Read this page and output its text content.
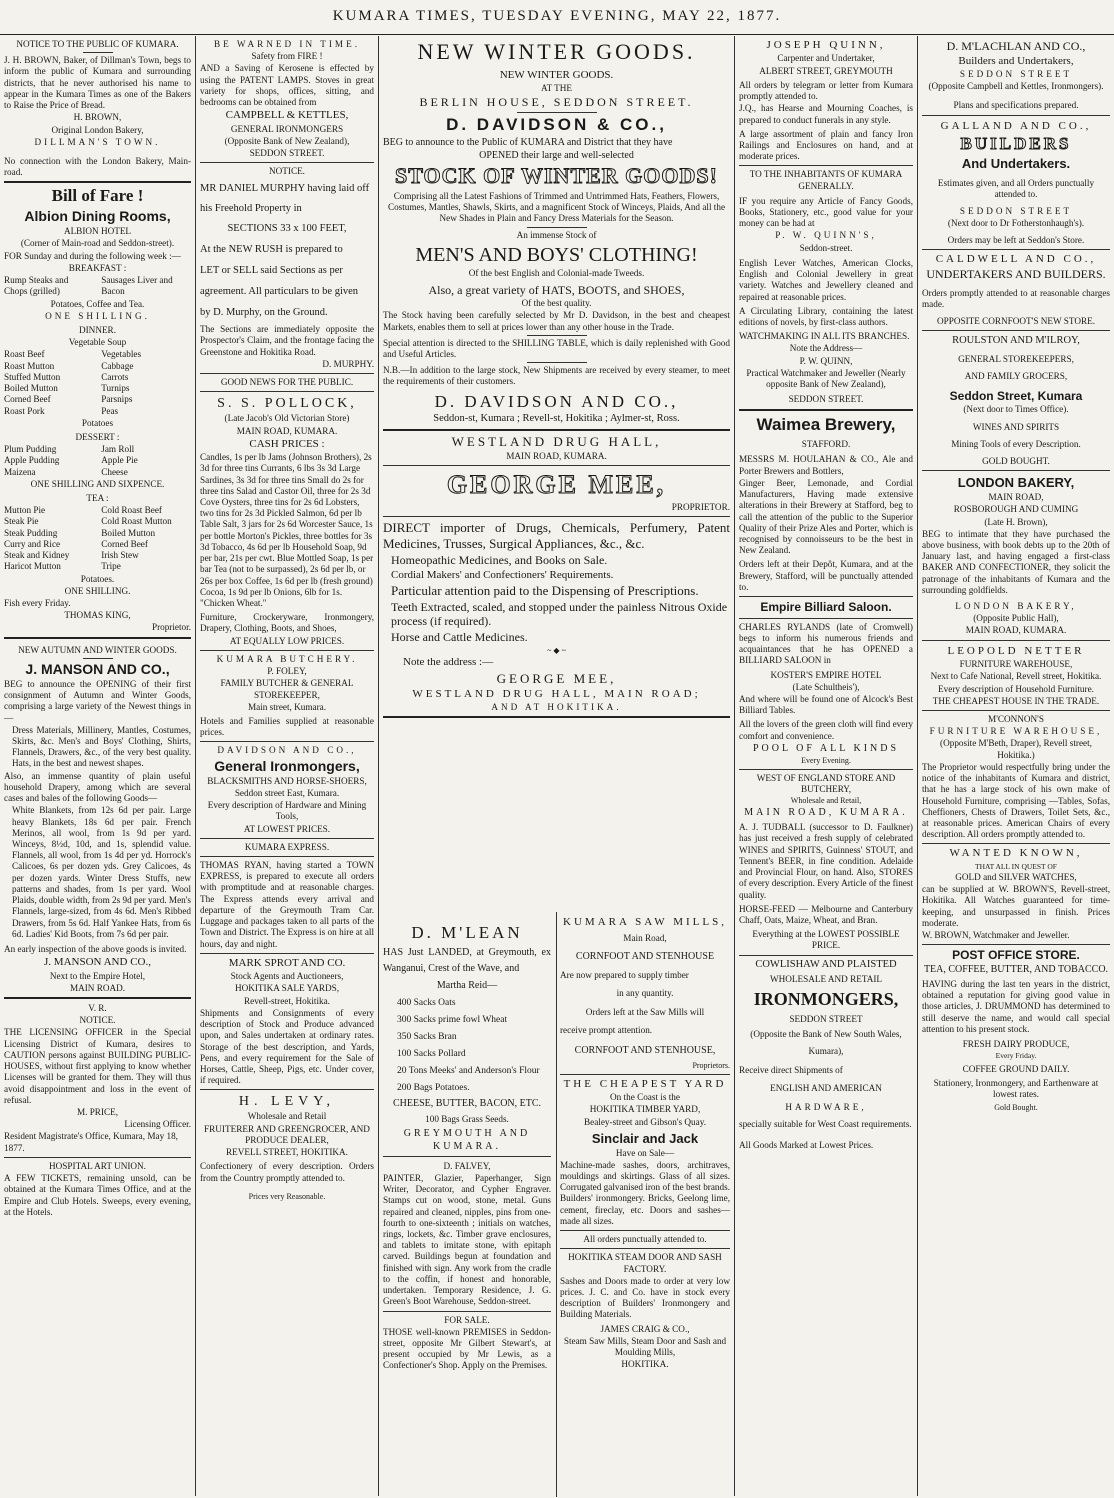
KUMARA TIMES, TUESDAY EVENING, MAY 22, 1877.

NOTICE TO THE PUBLIC OF KUMARA.

J. H. BROWN, Baker, of Dillman's Town, begs to inform the public of Kumara and surrounding districts, that he never authorised his name to appear in the Kumara Times as one of the Bakers to Raise the Price of Bread.

H. BROWN,

Original London Bakery,

DILLMAN'S TOWN.

No connection with the London Bakery, Main-road.

Bill of Fare !

Albion Dining Rooms,

ALBION HOTEL

(Corner of Main-road and Seddon-street).

FOR Sunday and during the following week :—

BREAKFAST :

Rump Steaks and Chops (grilled)
Sausages Liver and Bacon

Potatoes, Coffee and Tea.

ONE SHILLING.

DINNER.

Vegetable Soup

Roast Beef
Roast Mutton
Stuffed Mutton
Boiled Mutton
Corned Beef
Roast Pork
Vegetables
Cabbage
Carrots
Turnips
Parsnips
Peas

Potatoes

DESSERT :

Plum Pudding
Apple Pudding
Maizena
Jam Roll
Apple Pie
Cheese

ONE SHILLING AND SIXPENCE.

TEA :

Mutton Pie
Steak Pie
Steak Pudding
Curry and Rice
Steak and Kidney
Haricot Mutton
Cold Roast Beef
Cold Roast Mutton
Boiled Mutton
Corned Beef
Irish Stew
Tripe

Potatoes.

ONE SHILLING.

Fish every Friday.

THOMAS KING,

Proprietor.

NEW AUTUMN AND WINTER GOODS.

J. MANSON AND CO.,

BEG to announce the OPENING of their first consignment of Autumn and Winter Goods, comprising a large variety of the Newest things in—

Dress Materials, Millinery, Mantles, Costumes, Skirts, &c. Men's and Boys' Clothing, Shirts, Flannels, Drawers, &c., of the very best quality. Hats, in the best and newest shapes.

Also, an immense quantity of plain useful household Drapery, among which are several cases and bales of the following Goods—

White Blankets, from 12s 6d per pair. Large heavy Blankets, 18s 6d per pair. French Merinos, all wool, from 1s 9d per yard. Winceys, 8½d, 10d, and 1s, splendid value. Flannels, all wool, from 1s 4d per yd. Horrock's Calicoes, 6s per dozen yds. Grey Calicoes, 4s per dozen yards. Winter Dress Stuffs, new patterns and shades, from 1s per yard. Wool Plaids, double width, from 2s 9d per yard. Men's Flannels, large-sized, from 4s 6d. Men's Ribbed Drawers, from 5s 6d. Half Yankee Hats, from 6s 6d. Ladies' Kid Boots, from 7s 6d per pair.

An early inspection of the above goods is invited.

J. MANSON AND CO.,

Next to the Empire Hotel,

MAIN ROAD.

V. R.

NOTICE.

THE LICENSING OFFICER in the Special Licensing District of Kumara, desires to CAUTION persons against BUILDING PUBLIC-HOUSES, without first applying to know whether Licenses will be granted for them. They will thus avoid disappointment and loss in the event of refusal.

M. PRICE,

Licensing Officer.

Resident Magistrate's Office, Kumara, May 18, 1877.

HOSPITAL ART UNION.

A FEW TICKETS, remaining unsold, can be obtained at the Kumara Times Office, and at the Empire and Club Hotels. Sweeps, every evening, at the Hotels.

BE WARNED IN TIME.

Safety from FIRE !

AND a Saving of Kerosene is effected by using the PATENT LAMPS. Stoves in great variety for shops, offices, sitting, and bedrooms can be obtained from

CAMPBELL & KETTLES,

GENERAL IRONMONGERS

(Opposite Bank of New Zealand),

SEDDON STREET.

NOTICE.

MR DANIEL MURPHY having laid off his Freehold Property in

SECTIONS 33 x 100 FEET,

At the NEW RUSH is prepared to

LET or SELL said Sections as per

agreement. All particulars to be given

by D. Murphy, on the Ground.

The Sections are immediately opposite the Prospector's Claim, and the frontage facing the Greenstone and Hokitika Road.

D. MURPHY.

GOOD NEWS FOR THE PUBLIC.

S. S. POLLOCK,

(Late Jacob's Old Victorian Store)

MAIN ROAD, KUMARA.

CASH PRICES :

Candles, 1s per lb Jams (Johnson Brothers), 2s 3d for three tins Currants, 6 lbs 3s 3d Large Sardines, 3s 3d for three tins Small do 2s for three tins Salad and Castor Oil, three for 2s 3d Cove Oysters, three tins for 2s 6d Lobsters, two tins for 2s 3d Pickled Salmon, 6d per lb Table Salt, 3 jars for 2s 6d Worcester Sauce, 1s per bottle Morton's Pickles, three bottles for 3s 3d Tobacco, 4s 6d per lb Household Soap, 9d per bar, 21s per cwt. Blue Mottled Soap, 1s per bar Tea (not to be surpassed), 2s 6d per lb, or 26s per box Coffee, 1s 6d per lb (fresh ground) Cocoa, 1s 9d per lb Onions, 6lb for 1s. "Chicken Wheat."

Furniture, Crockeryware, Ironmongery, Drapery, Clothing, Boots, and Shoes,

AT EQUALLY LOW PRICES.

KUMARA BUTCHERY.

P. FOLEY,

FAMILY BUTCHER & GENERAL STOREKEEPER,

Main street, Kumara.

Hotels and Families supplied at reasonable prices.

DAVIDSON AND CO.,

General Ironmongers,

BLACKSMITHS AND HORSE-SHOERS,

Seddon street East, Kumara.

Every description of Hardware and Mining Tools,

AT LOWEST PRICES.

KUMARA EXPRESS.

THOMAS RYAN, having started a TOWN EXPRESS, is prepared to execute all orders with promptitude and at reasonable charges. The Express attends every arrival and departure of the Greymouth Tram Car. Luggage and packages taken to all parts of the Town and District. The Express is on hire at all hours, day and night.

MARK SPROT AND CO.

Stock Agents and Auctioneers,

HOKITIKA SALE YARDS,

Revell-street, Hokitika.

Shipments and Consignments of every description of Stock and Produce advanced upon, and Sales undertaken at ordinary rates. Storage of the best description, and Yards, Pens, and every requirement for the Sale of Horses, Cattle, Sheep, Pigs, etc. Under cover, if required.

H. LEVY,

Wholesale and Retail

FRUITERER AND GREENGROCER, AND PRODUCE DEALER,

REVELL STREET, HOKITIKA.

Confectionery of every description. Orders from the Country promptly attended to.

Prices very Reasonable.

NEW WINTER GOODS.

NEW WINTER GOODS.

AT THE

BERLIN HOUSE, SEDDON STREET.

D. DAVIDSON & CO.,

BEG to announce to the Public of KUMARA and District that they have

OPENED their large and well-selected

STOCK OF WINTER GOODS!

Comprising all the Latest Fashions of Trimmed and Untrimmed Hats, Feathers, Flowers, Costumes, Mantles, Shawls, Skirts, and a magnificent Stock of Winceys, Plaids, And all the New Shades in Plain and Fancy Dress Materials for the Season.

An immense Stock of

MEN'S AND BOYS' CLOTHING!

Of the best English and Colonial-made Tweeds.

Also, a great variety of HATS, BOOTS, and SHOES,

Of the best quality.

The Stock having been carefully selected by Mr D. Davidson, in the best and cheapest Markets, enables them to sell at prices lower than any other house in the Trade.

Special attention is directed to the SHILLING TABLE, which is daily replenished with Good and Useful Articles.

N.B.—In addition to the large stock, New Shipments are received by every steamer, to meet the requirements of their customers.

D. DAVIDSON AND CO.,

Seddon-st, Kumara ; Revell-st, Hokitika ; Aylmer-st, Ross.

WESTLAND DRUG HALL,

MAIN ROAD, KUMARA.

GEORGE MEE,

PROPRIETOR.

DIRECT importer of Drugs, Chemicals, Perfumery, Patent Medicines, Trusses, Surgical Appliances, &c., &c.

Homeopathic Medicines, and Books on Sale.

Cordial Makers' and Confectioners' Requirements.

Particular attention paid to the Dispensing of Prescriptions.

Teeth Extracted, scaled, and stopped under the painless Nitrous Oxide process (if required).

Horse and Cattle Medicines.

~ ◆ ~

Note the address :—

GEORGE MEE,

WESTLAND DRUG HALL, MAIN ROAD;

AND AT HOKITIKA.

D. M'LEAN

HAS Just LANDED, at Greymouth, ex Wanganui, Crest of the Wave, and

Martha Reid—

400 Sacks Oats

300 Sacks prime fowl Wheat

350 Sacks Bran

100 Sacks Pollard

20 Tons Meeks' and Anderson's Flour

200 Bags Potatoes.

CHEESE, BUTTER, BACON, ETC.

100 Bags Grass Seeds.

GREYMOUTH AND KUMARA.

D. FALVEY,

PAINTER, Glazier, Paperhanger, Sign Writer, Decorator, and Cypher Engraver. Stamps cut on wood, stone, metal. Guns repaired and cleaned, nipples, pins from one-fourth to one-sixteenth ; initials on watches, rings, lockets, &c. Timber grave enclosures, and tablets to imitate stone, with epitaph carved. Buildings begun at foundation and finished with sign. Any work from the cradle to the coffin, if honest and honorable, undertaken. Temporary Residence, J. G. Green's Boot Warehouse, Seddon-street.

FOR SALE.

THOSE well-known PREMISES in Seddon-street, opposite Mr Gilbert Stewart's, at present occupied by Mr Lewis, as a Confectioner's Shop. Apply on the Premises.

KUMARA SAW MILLS,

Main Road,

CORNFOOT AND STENHOUSE

Are now prepared to supply timber

in any quantity.

Orders left at the Saw Mills will

receive prompt attention.

CORNFOOT AND STENHOUSE,

Proprietors.

THE CHEAPEST YARD

On the Coast is the

HOKITIKA TIMBER YARD,

Bealey-street and Gibson's Quay.

Sinclair and Jack

Have on Sale—

Machine-made sashes, doors, architraves, mouldings and skirtings. Glass of all sizes. Corrugated galvanised iron of the best brands. Builders' ironmongery. Bricks, Geelong lime, cement, fireclay, etc. Doors and sashes—made all sizes.

All orders punctually attended to.

HOKITIKA STEAM DOOR AND SASH FACTORY.

Sashes and Doors made to order at very low prices. J. C. and Co. have in stock every description of Builders' Ironmongery and Building Materials.

JAMES CRAIG & CO.,

Steam Saw Mills, Steam Door and Sash and Moulding Mills,

HOKITIKA.

JOSEPH QUINN,

Carpenter and Undertaker,

ALBERT STREET, GREYMOUTH

All orders by telegram or letter from Kumara promptly attended to.

J.Q., has Hearse and Mourning Coaches, is prepared to conduct funerals in any style.

A large assortment of plain and fancy Iron Railings and Enclosures on hand, and at moderate prices.

TO THE INHABITANTS OF KUMARA GENERALLY.

IF you require any Article of Fancy Goods, Books, Stationery, etc., good value for your money can be had at

P. W. QUINN'S,

Seddon-street.

English Lever Watches, American Clocks, English and Colonial Jewellery in great variety. Watches and Jewellery cleaned and repaired at reasonable prices.

A Circulating Library, containing the latest editions of novels, by first-class authors.

WATCHMAKING IN ALL ITS BRANCHES.

Note the Address—

P. W. QUINN,

Practical Watchmaker and Jeweller (Nearly opposite Bank of New Zealand),

SEDDON STREET.

Waimea Brewery,

STAFFORD.

MESSRS M. HOULAHAN & CO., Ale and Porter Brewers and Bottlers,

Ginger Beer, Lemonade, and Cordial Manufacturers, Having made extensive alterations in their Brewery at Stafford, beg to call the attention of the public to the Superior Quality of their Prize Ales and Porter, which is recognised by connoisseurs to be the best in New Zealand.

Orders left at their Depôt, Kumara, and at the Brewery, Stafford, will be punctually attended to.

Empire Billiard Saloon.

CHARLES RYLANDS (late of Cromwell) begs to inform his numerous friends and acquaintances that he has OPENED a BILLIARD SALOON in

KOSTER'S EMPIRE HOTEL

(Late Schultheis'),

And where will be found one of Alcock's Best Billiard Tables.

All the lovers of the green cloth will find every comfort and convenience.

POOL OF ALL KINDS

Every Evening.

WEST OF ENGLAND STORE AND BUTCHERY,

Wholesale and Retail,

MAIN ROAD, KUMARA.

A. J. TUDBALL (successor to D. Faulkner) has just received a fresh supply of celebrated WINES and SPIRITS, Guinness' STOUT, and Tennent's BEER, in fine condition. Adelaide and Provincial Flour, on hand. Also, STORES of every description. Every Article of the finest quality.

HORSE-FEED — Melbourne and Canterbury Chaff, Oats, Maize, Wheat, and Bran.

Everything at the LOWEST POSSIBLE PRICE.

COWLISHAW AND PLAISTED

WHOLESALE AND RETAIL

IRONMONGERS,

SEDDON STREET

(Opposite the Bank of New South Wales, Kumara),

Receive direct Shipments of

ENGLISH AND AMERICAN

HARDWARE,

specially suitable for West Coast requirements.

All Goods Marked at Lowest Prices.

D. M'LACHLAN AND CO.,

Builders and Undertakers,

SEDDON STREET

(Opposite Campbell and Kettles, Ironmongers).

Plans and specifications prepared.

GALLAND AND CO.,

BUILDERS

And Undertakers.

Estimates given, and all Orders punctually attended to.

SEDDON STREET

(Next door to Dr Fotherstonhaugh's).

Orders may be left at Seddon's Store.

CALDWELL AND CO.,

UNDERTAKERS AND BUILDERS.

Orders promptly attended to at reasonable charges made.

OPPOSITE CORNFOOT'S NEW STORE.

ROULSTON AND M'ILROY,

GENERAL STOREKEEPERS,

AND FAMILY GROCERS,

Seddon Street, Kumara

(Next door to Times Office).

WINES AND SPIRITS

Mining Tools of every Description.

GOLD BOUGHT.

LONDON BAKERY,

MAIN ROAD,

ROSBOROUGH AND CUMING

(Late H. Brown),

BEG to intimate that they have purchased the above business, with book debts up to the 20th of January last, and having engaged a first-class BAKER AND CONFECTIONER, they solicit the patronage of the inhabitants of Kumara and the surrounding goldfields.

LONDON BAKERY,

(Opposite Public Hall),

MAIN ROAD, KUMARA.

LEOPOLD NETTER

FURNITURE WAREHOUSE,

Next to Cafe National, Revell street, Hokitika.

Every description of Household Furniture.

THE CHEAPEST HOUSE IN THE TRADE.

M'CONNON'S

FURNITURE WAREHOUSE,

(Opposite M'Beth, Draper), Revell street, Hokitika.)

The Proprietor would respectfully bring under the notice of the inhabitants of Kumara and district, that he has a large stock of his own make of Household Furniture, comprising —Tables, Sofas, Cheffioners, Chests of Drawers, Toilet Sets, &c., at reasonable prices. American Chairs of every description. All orders promptly attended to.

WANTED KNOWN,

THAT ALL IN QUEST OF

GOLD and SILVER WATCHES,

can be supplied at W. BROWN'S, Revell-street, Hokitika. All Watches guaranteed for time-keeping, and unsurpassed in finish. Prices moderate.

W. BROWN, Watchmaker and Jeweller.

POST OFFICE STORE.

TEA, COFFEE, BUTTER, AND TOBACCO.

HAVING during the last ten years in the district, obtained a reputation for giving good value in those articles, J. DRUMMOND has determined to still deserve the name, and would call special attention to his present stock.

FRESH DAIRY PRODUCE,

Every Friday.

COFFEE GROUND DAILY.

Stationery, Ironmongery, and Earthenware at lowest rates.

Gold Bought.
